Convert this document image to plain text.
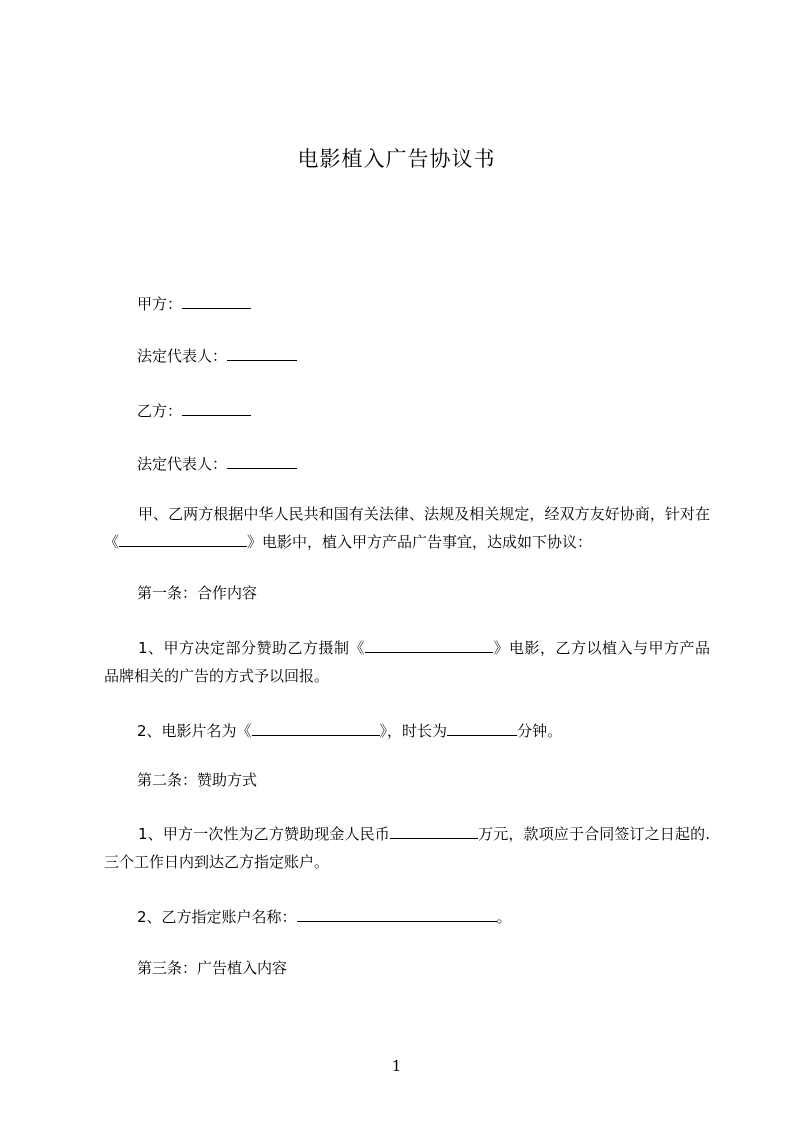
电影植入广告协议书
甲方：
法定代表人：
乙方：
法定代表人：
甲、乙两方根据中华人民共和国有关法律、法规及相关规定，经双方友好协商，针对在《	》电影中，植入甲方产品广告事宜，达成如下协议：
第一条：合作内容
1、甲方决定部分赞助乙方摄制《	》电影，乙方以植入与甲方产品品牌相关的广告的方式予以回报。
2、电影片名为《	》，时长为	分钟。
第二条：赞助方式
1、甲方一次性为乙方赞助现金人民币	万元，款项应于合同签订之日起的.三个工作日内到达乙方指定账户。
2、乙方指定账户名称：	。
第三条：广告植入内容
1
